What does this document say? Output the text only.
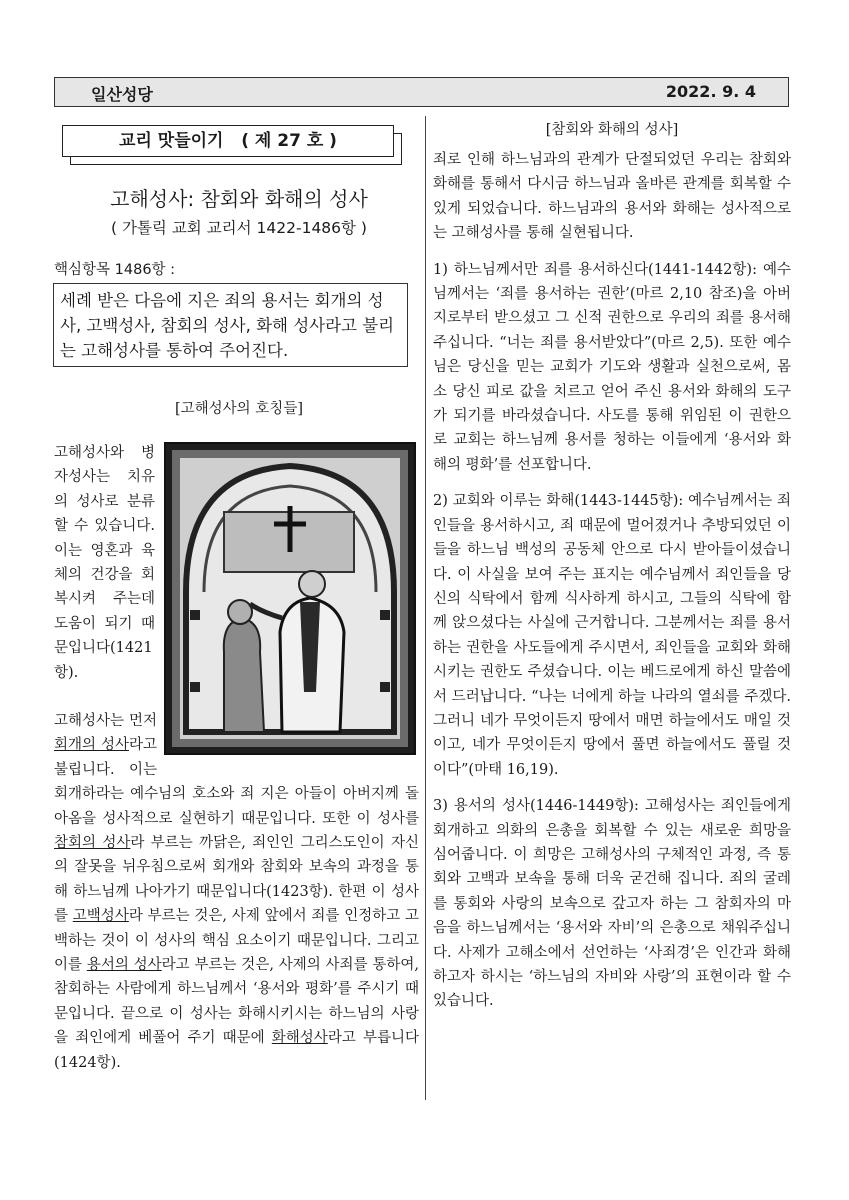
일산성당	2022. 9. 4
교리 맛들이기   ( 제 27 호 )
고해성사: 참회와 화해의 성사
( 가톨릭 교회 교리서 1422-1486항 )
핵심항목 1486항 :
세례 받은 다음에 지은 죄의 용서는 회개의 성사, 고백성사, 참회의 성사, 화해 성사라고 불리는 고해성사를 통하여 주어진다.
[고해성사의 호칭들]

고해성사와 병자성사는 치유의 성사로 분류할 수 있습니다. 이는 영혼과 육체의 건강을 회복시켜 주는데 도움이 되기 때문입니다(1421항).

고해성사는 먼저 회개의 성사라고 불립니다. 이는 회개하라는 예수님의 호소와 죄 지은 아들이 아버지께 돌아옴을 성사적으로 실현하기 때문입니다. 또한 이 성사를 참회의 성사라 부르는 까닭은, 죄인인 그리스도인이 자신의 잘못을 뉘우침으로써 회개와 참회와 보속의 과정을 통해 하느님께 나아가기 때문입니다(1423항). 한편 이 성사를 고백성사라 부르는 것은, 사제 앞에서 죄를 인정하고 고백하는 것이 이 성사의 핵심 요소이기 때문입니다. 그리고 이를 용서의 성사라고 부르는 것은, 사제의 사죄를 통하여, 참회하는 사람에게 하느님께서 ‘용서와 평화’를 주시기 때문입니다. 끝으로 이 성사는 화해시키시는 하느님의 사랑을 죄인에게 베풀어 주기 때문에 화해성사라고 부릅니다(1424항).

[참회와 화해의 성사]

죄로 인해 하느님과의 관계가 단절되었던 우리는 참회와 화해를 통해서 다시금 하느님과 올바른 관계를 회복할 수 있게 되었습니다. 하느님과의 용서와 화해는 성사적으로는 고해성사를 통해 실현됩니다.

1) 하느님께서만 죄를 용서하신다(1441-1442항): 예수님께서는 ‘죄를 용서하는 권한’(마르 2,10 참조)을 아버지로부터 받으셨고 그 신적 권한으로 우리의 죄를 용서해 주십니다. “너는 죄를 용서받았다”(마르 2,5). 또한 예수님은 당신을 믿는 교회가 기도와 생활과 실천으로써, 몸소 당신 피로 값을 치르고 얻어 주신 용서와 화해의 도구가 되기를 바라셨습니다. 사도를 통해 위임된 이 권한으로 교회는 하느님께 용서를 청하는 이들에게 ‘용서와 화해의 평화’를 선포합니다.

2) 교회와 이루는 화해(1443-1445항): 예수님께서는 죄인들을 용서하시고, 죄 때문에 멀어졌거나 추방되었던 이들을 하느님 백성의 공동체 안으로 다시 받아들이셨습니다. 이 사실을 보여 주는 표지는 예수님께서 죄인들을 당신의 식탁에서 함께 식사하게 하시고, 그들의 식탁에 함께 앉으셨다는 사실에 근거합니다. 그분께서는 죄를 용서하는 권한을 사도들에게 주시면서, 죄인들을 교회와 화해시키는 권한도 주셨습니다. 이는 베드로에게 하신 말씀에서 드러납니다. “나는 너에게 하늘 나라의 열쇠를 주겠다. 그러니 네가 무엇이든지 땅에서 매면 하늘에서도 매일 것이고, 네가 무엇이든지 땅에서 풀면 하늘에서도 풀릴 것이다”(마태 16,19).

3) 용서의 성사(1446-1449항): 고해성사는 죄인들에게 회개하고 의화의 은총을 회복할 수 있는 새로운 희망을 심어줍니다. 이 희망은 고해성사의 구체적인 과정, 즉 통회와 고백과 보속을 통해 더욱 굳건해 집니다. 죄의 굴레를 통회와 사랑의 보속으로 갚고자 하는 그 참회자의 마음을 하느님께서는 ‘용서와 자비’의 은총으로 채워주십니다. 사제가 고해소에서 선언하는 ‘사죄경’은 인간과 화해하고자 하시는 ‘하느님의 자비와 사랑’의 표현이라 할 수 있습니다.
